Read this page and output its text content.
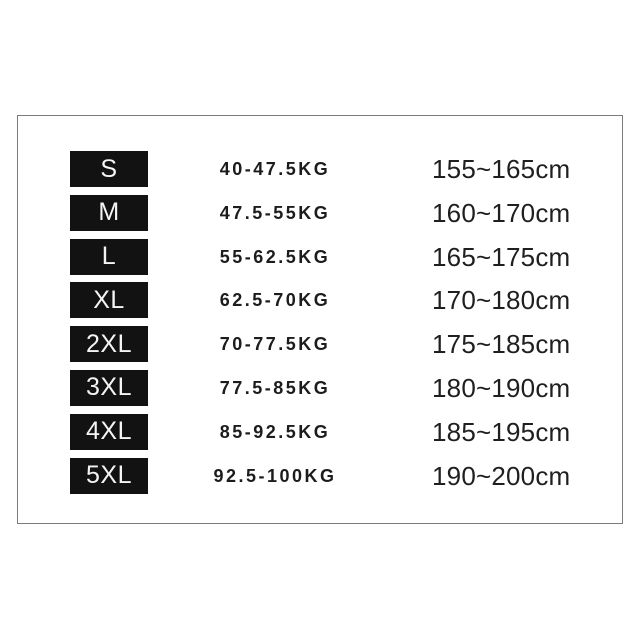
S	40-47.5KG	155~165cm
M	47.5-55KG	160~170cm
L	55-62.5KG	165~175cm
XL	62.5-70KG	170~180cm
2XL	70-77.5KG	175~185cm
3XL	77.5-85KG	180~190cm
4XL	85-92.5KG	185~195cm
5XL	92.5-100KG	190~200cm
